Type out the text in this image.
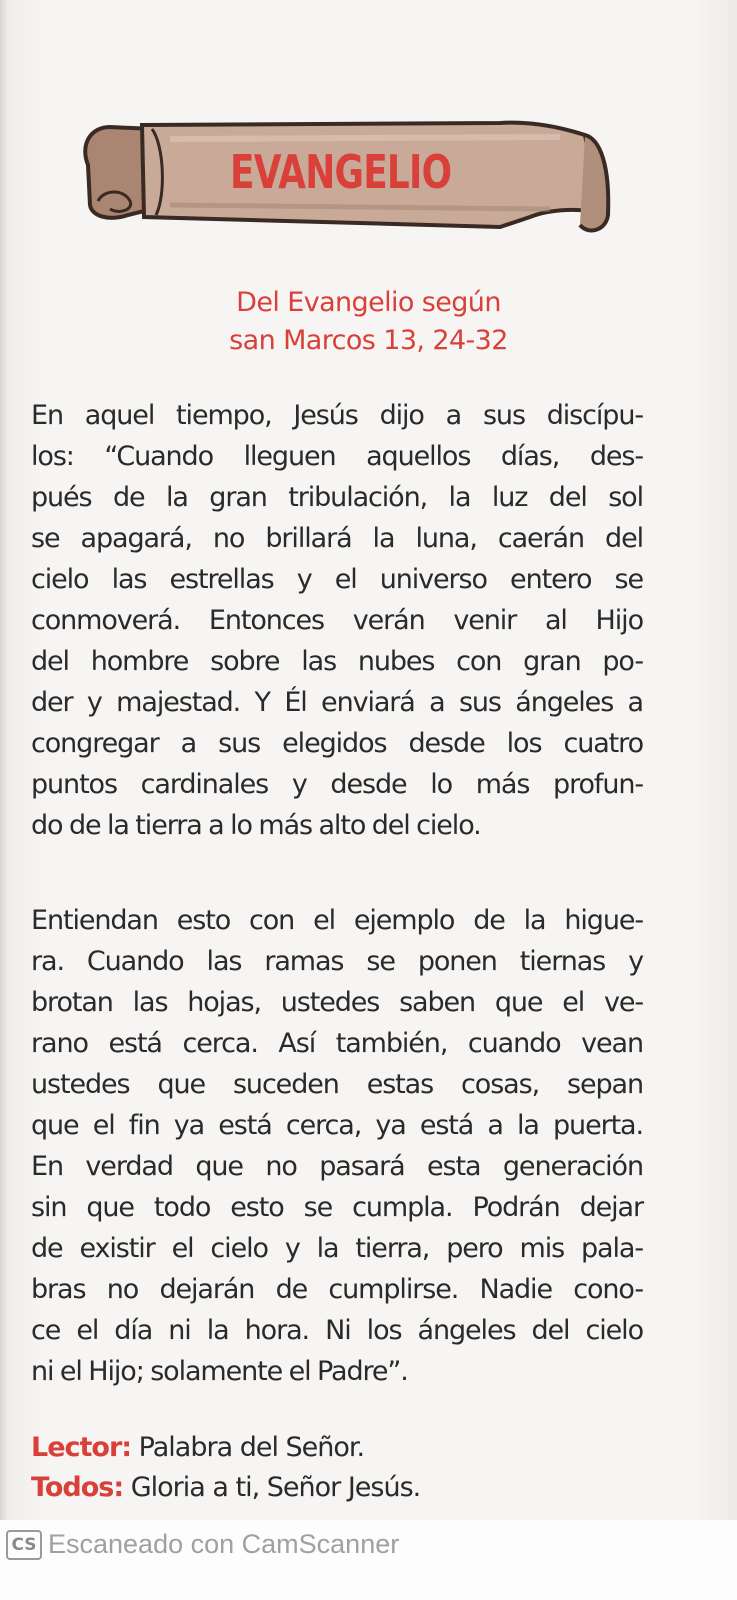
EVANGELIO
Del Evangelio según
san Marcos 13, 24-32
En aquel tiempo, Jesús dijo a sus discípu-
los: “Cuando lleguen aquellos días, des-
pués de la gran tribulación, la luz del sol
se apagará, no brillará la luna, caerán del
cielo las estrellas y el universo entero se
conmoverá. Entonces verán venir al Hijo
del hombre sobre las nubes con gran po-
der y majestad. Y Él enviará a sus ángeles a
congregar a sus elegidos desde los cuatro
puntos cardinales y desde lo más profun-
do de la tierra a lo más alto del cielo.
Entiendan esto con el ejemplo de la higue-
ra. Cuando las ramas se ponen tiernas y
brotan las hojas, ustedes saben que el ve-
rano está cerca. Así también, cuando vean
ustedes que suceden estas cosas, sepan
que el fin ya está cerca, ya está a la puerta.
En verdad que no pasará esta generación
sin que todo esto se cumpla. Podrán dejar
de existir el cielo y la tierra, pero mis pala-
bras no dejarán de cumplirse. Nadie cono-
ce el día ni la hora. Ni los ángeles del cielo
ni el Hijo; solamente el Padre”.
Lector: Palabra del Señor.
Todos: Gloria a ti, Señor Jesús.
CS Escaneado con CamScanner
